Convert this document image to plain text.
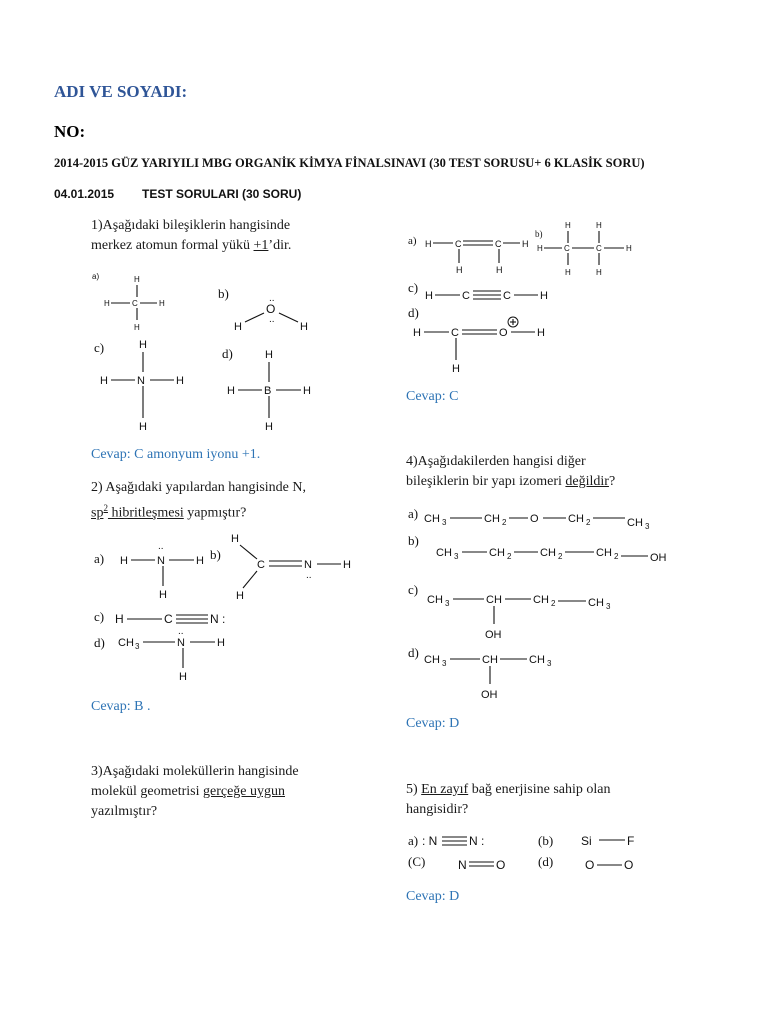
ADI VE SOYADI:
NO:
2014-2015 GÜZ YARIYILI MBG ORGANİK KİMYA FİNALSINAVI (30 TEST SORUSU+ 6 KLASİK SORU)
04.01.2015 TEST SORULARI (30 SORU)
1)Aşağıdaki bileşiklerin hangisinde
merkez atomun formal yükü +1’dir.
a)	H
H	C	H
H
b)	..
O
..
H	H
c)	H
H	N	H
H
d)	H
H	B	H
H
Cevap: C amonyum iyonu +1.
2) Aşağıdaki yapılardan hangisinde N,
$sp^2$ hibritleşmesi yapmıştır?
a)
..
H	N	H
H
b)
H
C
H
N
..
H
c) H	C	N :
d)
..
CH 3	N	H
H
Cevap: B .
3)Aşağıdaki moleküllerin hangisinde
molekül geometrisi gerçeğe uygun
yazılmıştır?
a) H	C	C H
H	H
b)
H	H
H	C	C	H
H	H
c)
H	C	C	H
d)
H	C	O	H
H
Cevap: C
4)Aşağıdakilerden hangisi diğer
bileşiklerin bir yapı izomeri değildir?
a) CH 3	CH 2 O	CH 2	CH 3
b)
CH 3	CH 2	CH 2	CH 2	OH
c)
CH 3	CH	CH 2	CH 3
OH
d) CH 3	CH	CH 3
OH
Cevap: D
5) En zayıf bağ enerjisine sahip olan
hangisidir?
a) : N	N :	(b) Si	F
(C)	N O	(d)	O O
Cevap: D
